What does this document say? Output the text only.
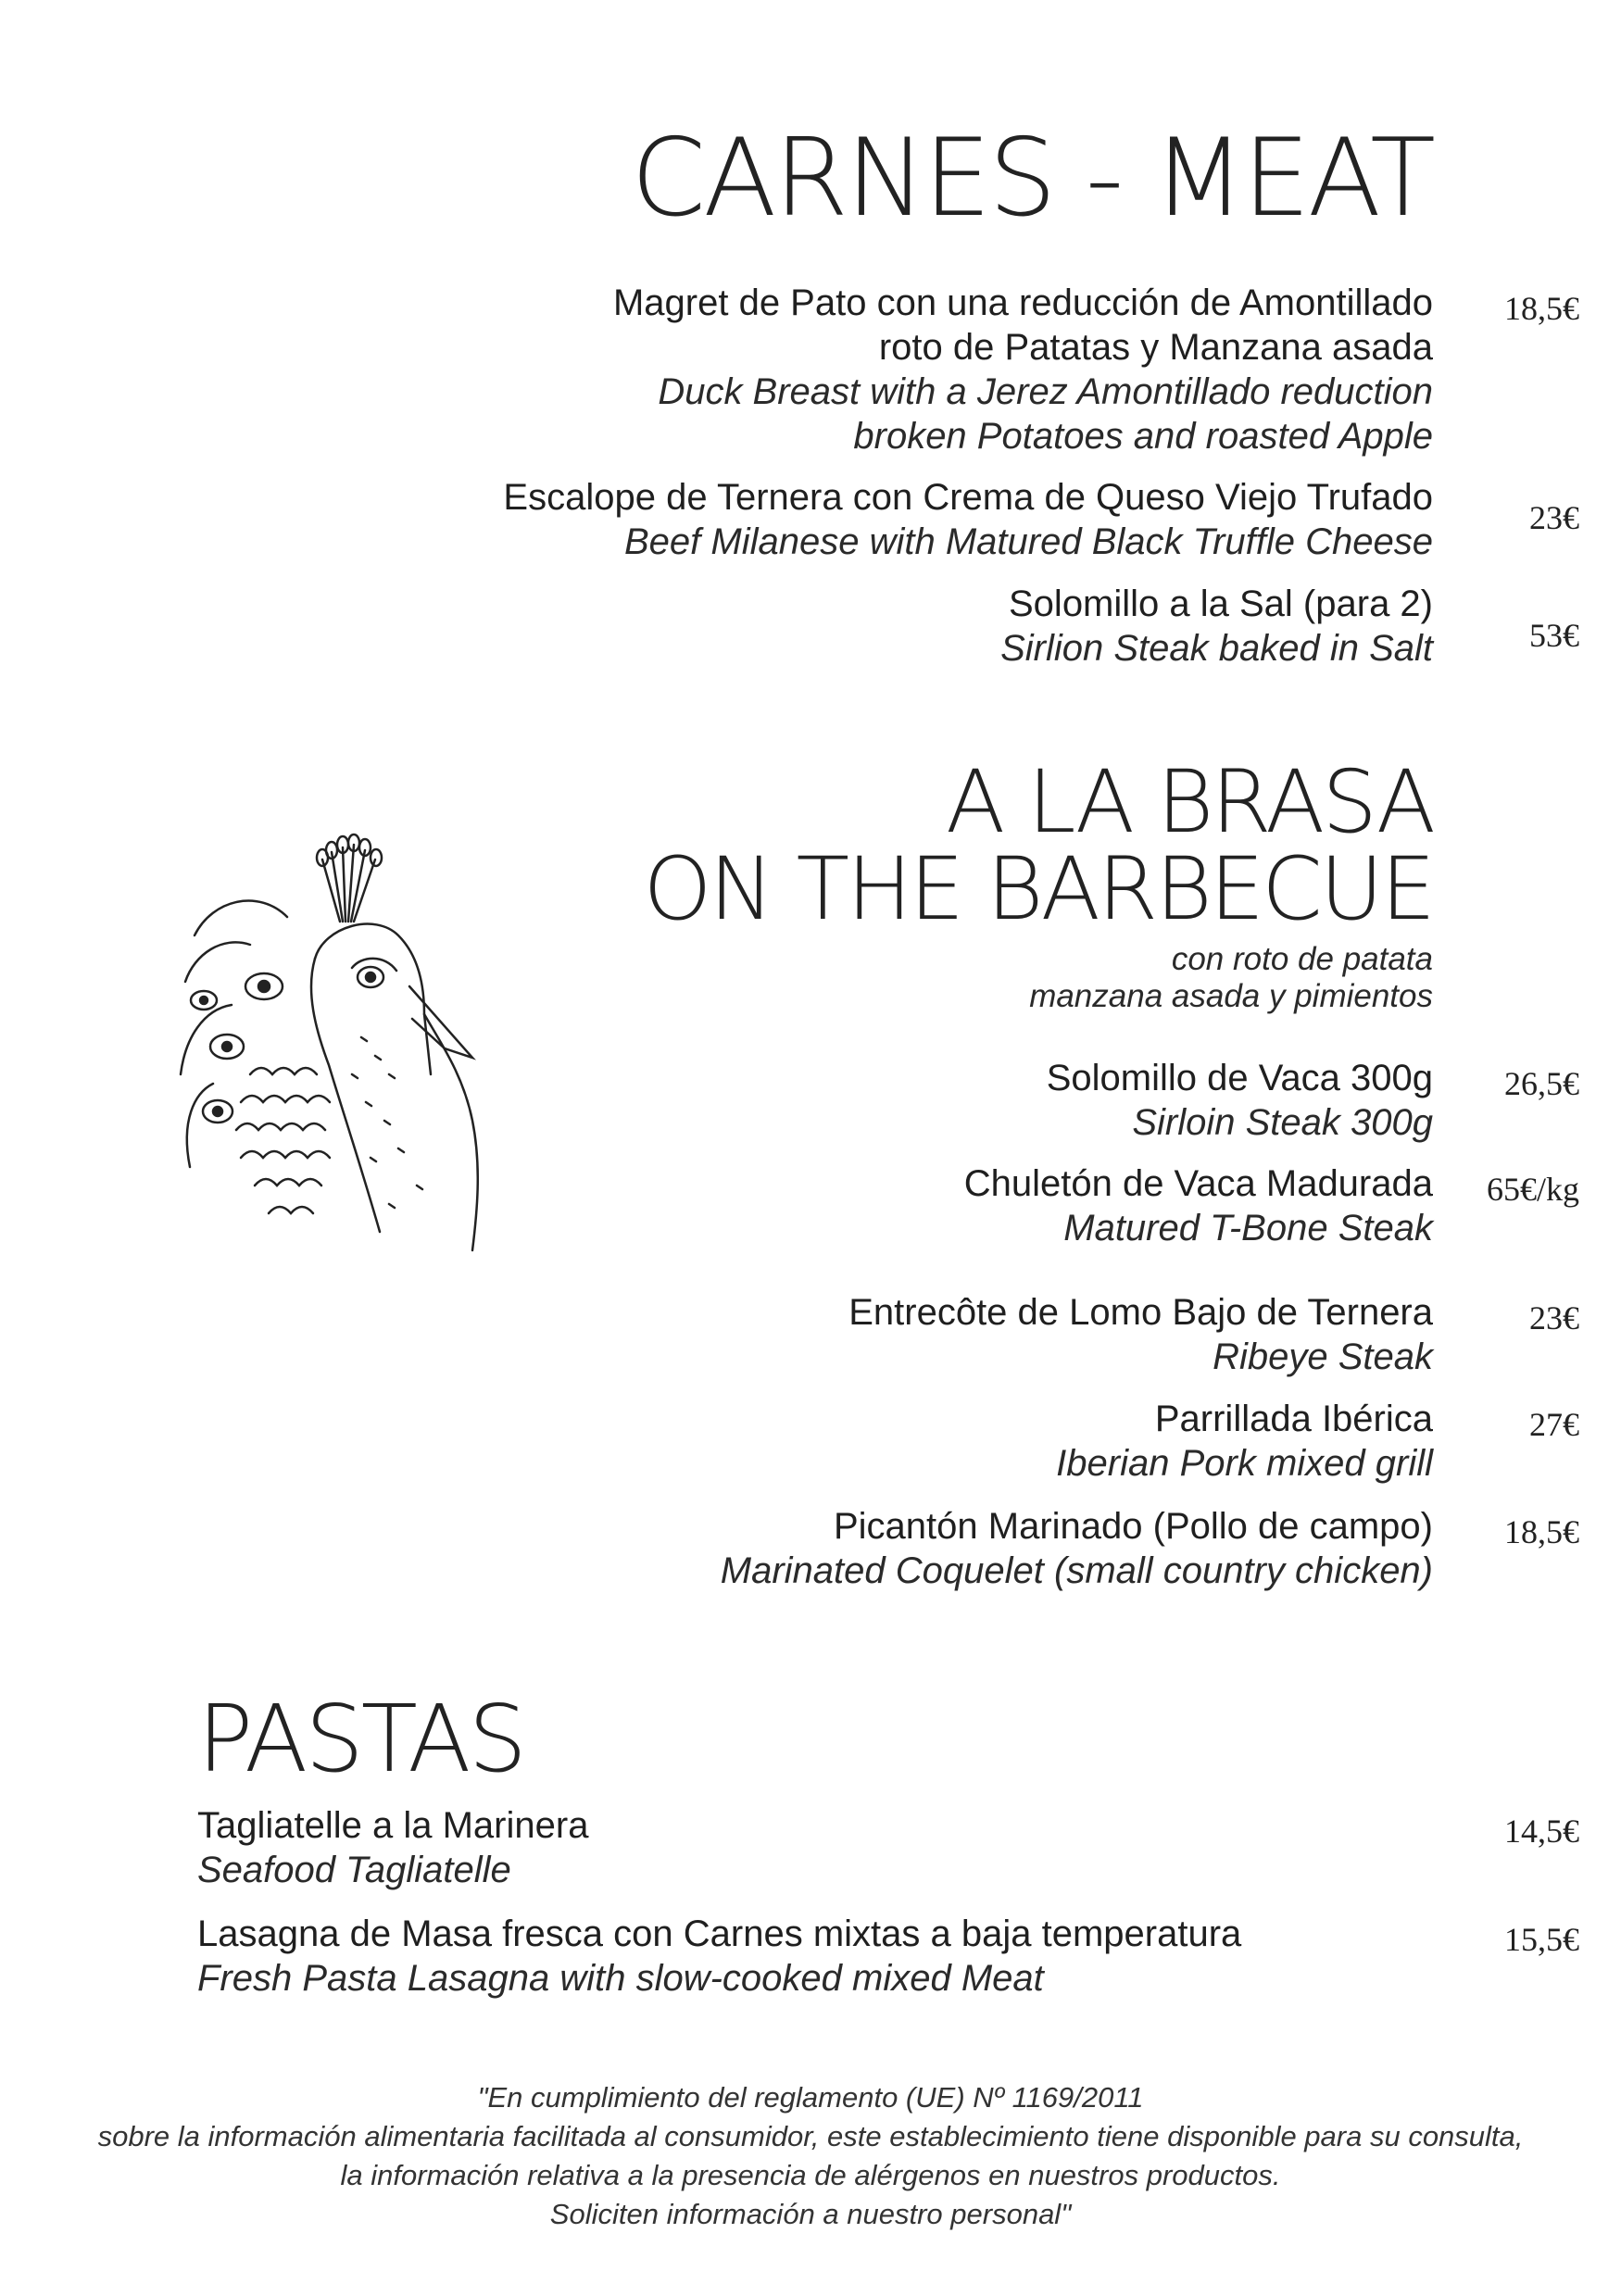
CARNES - MEAT
Magret de Pato con una reducción de Amontillado
roto de Patatas y Manzana asada
Duck Breast with a Jerez Amontillado reduction
broken Potatoes and roasted Apple
18,5€
Escalope de Ternera con Crema de Queso Viejo Trufado
Beef Milanese with Matured Black Truffle Cheese
23€
Solomillo a la Sal (para 2)
Sirlion Steak baked in Salt	53€
A LA BRASA
ON THE BARBECUE
con roto de patata
manzana asada y pimientos
Solomillo de Vaca 300g
Sirloin Steak 300g
26,5€
Chuletón de Vaca Madurada
Matured T-Bone Steak
65€/kg
Entrecôte de Lomo Bajo de Ternera
Ribeye Steak
23€
Parrillada Ibérica
Iberian Pork mixed grill
27€
Picantón Marinado (Pollo de campo)
Marinated Coquelet (small country chicken)
18,5€
PASTAS
Tagliatelle a la Marinera
Seafood Tagliatelle
14,5€
Lasagna de Masa fresca con Carnes mixtas a baja temperatura
Fresh Pasta Lasagna with slow-cooked mixed Meat
15,5€
"En cumplimiento del reglamento (UE) Nº 1169/2011
sobre la información alimentaria facilitada al consumidor, este establecimiento tiene disponible para su consulta,
la información relativa a la presencia de alérgenos en nuestros productos.
Soliciten información a nuestro personal"
